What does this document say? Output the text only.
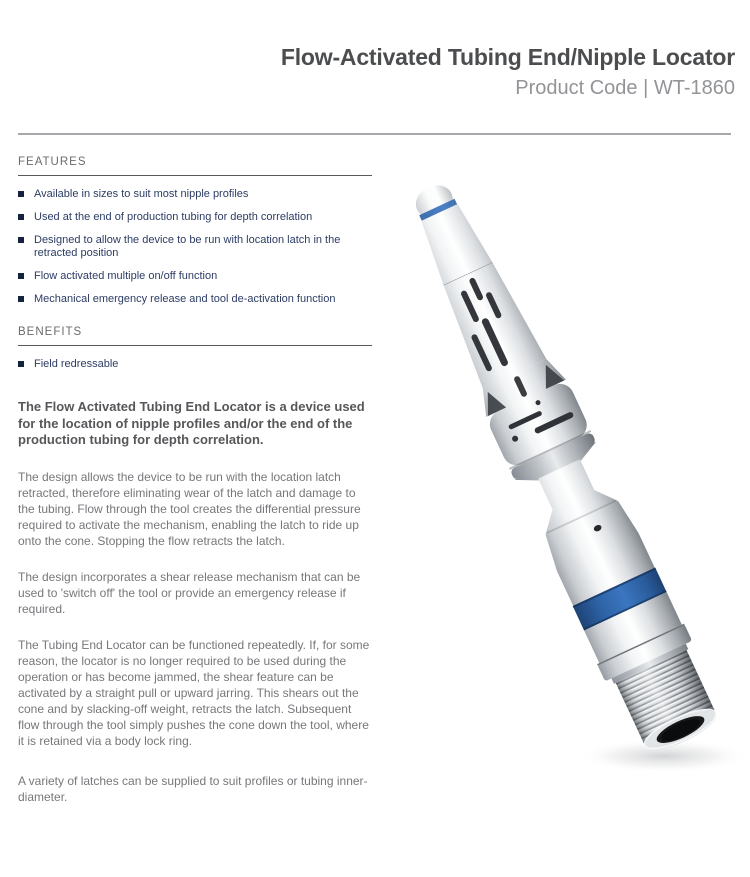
Flow-Activated Tubing End/Nipple Locator
Product Code | WT-1860
FEATURES
Available in sizes to suit most nipple profiles
Used at the end of production tubing for depth correlation
Designed to allow the device to be run with location latch in the retracted position
Flow activated multiple on/off function
Mechanical emergency release and tool de-activation function
BENEFITS
Field redressable
The Flow Activated Tubing End Locator is a device used for the location of nipple profiles and/or the end of the production tubing for depth correlation.
The design allows the device to be run with the location latch retracted, therefore eliminating wear of the latch and damage to the tubing. Flow through the tool creates the differential pressure required to activate the mechanism, enabling the latch to ride up onto the cone. Stopping the flow retracts the latch.
The design incorporates a shear release mechanism that can be used to 'switch off' the tool or provide an emergency release if required.
The Tubing End Locator can be functioned repeatedly. If, for some reason, the locator is no longer required to be used during the operation or has become jammed, the shear feature can be activated by a straight pull or upward jarring. This shears out the cone and by slacking-off weight, retracts the latch. Subsequent flow through the tool simply pushes the cone down the tool, where it is retained via a body lock ring.
A variety of latches can be supplied to suit profiles or tubing inner-diameter.
